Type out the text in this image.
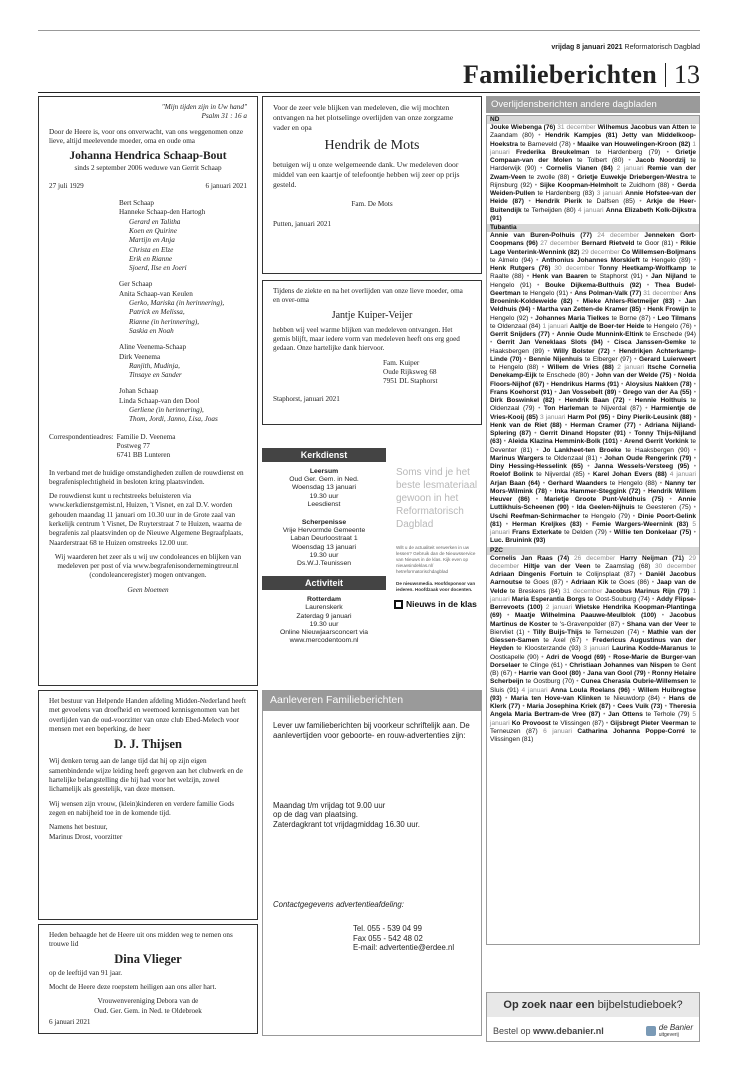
vrijdag 8 januari 2021 Reformatorisch Dagblad
Familieberichten 13
"Mijn tijden zijn in Uw hand"
Psalm 31 : 16 a

Door de Heere is, voor ons onverwacht, van ons weggenomen onze lieve, altijd meelevende moeder, oma en oude oma

Johanna Hendrica Schaap-Bout
sinds 2 september 2006 weduwe van Gerrit Schaap
27 juli 1929	6 januari 2021
Bert Schaap
Hanneke Schaap-den Hartogh
Gerard en Talitha
Koen en Quirine
Martijn en Anja
Christa en Elze
Erik en Rianne
Sjoerd, Ilse en Joeri
Ger Schaap
Anita Schaap-van Keulen
Gerko, Mariska (in herinnering),
Patrick en Melissa,
Rianne (in herinnering),
Saskia en Noah
Aline Veenema-Schaap
Dirk Veenema
Ranjith, Mudinja,
Tinsaye en Sander
Johan Schaap
Linda Schaap-van den Dool
Gerliene (in herinnering),
Thom, Jordi, Janno, Lisa, Joas
Correspondentieadres: Familie D. Veenema
Postweg 77
6741 BB Lunteren

In verband met de huidige omstandigheden zullen de rouwdienst en begrafenisplechtigheid in besloten kring plaatsvinden.

De rouwdienst kunt u rechtstreeks beluisteren via www.kerkdienstgemist.nl, Huizen, 't Visnet, en zal D.V. worden gehouden maandag 11 januari om 10.30 uur in de Grote zaal van kerkelijk centrum 't Visnet, De Ruyterstraat 7 te Huizen, waarna de begrafenis zal plaatsvinden op de Nieuwe Algemene Begraafplaats, Naarderstraat 68 te Huizen omstreeks 12.00 uur.

Wij waarderen het zeer als u wij uw condoleances en blijken van medeleven per post of via www.begrafenisondernemingtreur.nl (condoleanceregister) mogen ontvangen.

Geen bloemen

Het bestuur van Helpende Handen afdeling Midden-Nederland heeft met gevoelens van droefheid en weemoed kennisgenomen van het overlijden van de oud-voorzitter van onze club Ebed-Melech voor mensen met een beperking, de heer

D. J. Thijsen

Wij denken terug aan de lange tijd dat hij op zijn eigen samenbindende wijze leiding heeft gegeven aan het clubwerk en de hartelijke belangstelling die hij had voor het welzijn, zowel lichamelijk als geestelijk, van deze mensen.

Wij wensen zijn vrouw, (klein)kinderen en verdere familie Gods zegen en nabijheid toe in de komende tijd.

Namens het bestuur,
Marinus Drost, voorzitter

Heden behaagde het de Heere uit ons midden weg te nemen ons trouwe lid

Dina Vlieger

op de leeftijd van 91 jaar.

Mocht de Heere deze roepstem heiligen aan ons aller hart.

Vrouwenvereniging Debora van de
Oud. Ger. Gem. in Ned. te Oldebroek
6 januari 2021

Voor de zeer vele blijken van medeleven, die wij mochten ontvangen na het plotselinge overlijden van onze zorgzame vader en opa

Hendrik de Mots

betuigen wij u onze welgemeende dank. Uw medeleven door middel van een kaartje of telefoontje hebben wij zeer op prijs gesteld.

Fam. De Mots
Putten, januari 2021

Tijdens de ziekte en na het overlijden van onze lieve moeder, oma en over-oma

Jantje Kuiper-Veijer

hebben wij veel warme blijken van medeleven ontvangen. Het gemis blijft, maar iedere vorm van medeleven heeft ons erg goed gedaan. Onze hartelijke dank hiervoor.

Fam. Kuiper
Oude Rijksweg 68
7951 DL Staphorst
Staphorst, januari 2021
Kerkdienst
Leersum
Oud Ger. Gem. in Ned.
Woensdag 13 januari
19.30 uur
Leesdienst
Scherpenisse
Vrije Hervormde Gemeente
Laban Deurloostraat 1
Woensdag 13 januari
19.30 uur
Ds.W.J.Teunissen
Activiteit
Rotterdam
Laurenskerk
Zaterdag 9 januari
19.30 uur
Online Nieuwjaarsconcert via
www.mercodentoom.nl
Soms vind je het beste lesmateriaal gewoon in het Reformatorisch Dagblad
Wilt u de actualiteit verwerken in uw lessen? Gebruik dan de Nieuwsservice van Nieuws in de klas. Kijk even op nieuwsindeklas.nl/ hetreformatorischdagblad
De nieuwsmedia. Hoofdsponsor van iederen. Hoofdzaak voor docenten.
Nieuws in de klas
Aanleveren Familieberichten

Lever uw familieberichten bij voorkeur schriftelijk aan. De aanlevertijden voor geboorte- en rouw-advertenties zijn:

Maandag t/m vrijdag tot 9.00 uur
op de dag van plaatsing.
Zaterdagkrant tot vrijdagmiddag 16.30 uur.
Contactgegevens advertentieafdeling:
Tel. 055 - 539 04 99
Fax 055 - 542 48 02
E-mail: advertentie@erdee.nl
Overlijdensberichten andere dagbladen
ND
Jouke Wiebenga (76) 31 december Wilhemus Jacobus van Atten te Zaandam (80) • Hendrik Kampjes (81) Jetty van Middelkoop-Hoekstra te Barneveld (78) • Maaike van Houwelingen-Kroon (82) 1 januari Frederika Breukelman te Hardenberg (79) • Grietje Compaan-van der Molen te Tolbert (80) • Jacob Noordzij te Harderwijk (90) • Cornelis Vianen (84) 2 januari Remie van der Zwam-Veen te zwolle (88) • Grietje Euwekje Driebergen-Westra te Rijnsburg (92) • Sijke Koopman-Helmholt te Zuidhorn (88) • Gerda Weiden-Pullen te Hardenberg (83) 3 januari Annie Hofstee-van der Heide (87) • Hendrik Pierik te Dalfsen (85) • Arkje de Heer-Buitendijk te Terheijden (80) 4 januari Anna Elizabeth Kolk-Dijkstra (91)
Tubantia
Annie van Buren-Polhuis (77) 24 december Jenneken Gort-Coopmans (96) 27 december Bernard Rietveld te Goor (81) • Rikie Lage Venterink-Wennink (82) 29 december Co Willemsen-Boljmans te Almelo (94) • Anthonius Johannes Morskieft te Hengelo (89) • Henk Rutgers (76) 30 december Tonny Heetkamp-Wolfkamp te Raalte (88) • Henk van Baaren te Staphorst (91) • Jan Nijland te Hengelo (91) • Bouke Dijkema-Bulthuis (92) • Thea Budel-Geertman te Hengelo (91) • Ans Polman-Valk (77) 31 december Ans Broenink-Koldeweide (82) • Mieke Ahlers-Rietmeijer (83) • Jan Veldhuis (94) • Martha van Zetten-de Kramer (85) • Henk Frowijn te Hengelo (92) • Johannes Maria Tielkes te Borne (87) • Leo Tilmans te Oldenzaal (84) 1 januari Aaltje de Boer-ter Heide te Hengelo (76) • Gerrit Snijders (77) • Annie Oude Munnink-Eltink te Enschede (94) • Gerrit Jan Veneklaas Slots (94) • Cisca Janssen-Gemke te Haaksbergen (89) • Willy Bolster (72) • Hendrikjen Achterkamp-Linde (70) • Bennie Nijenhuis te Elberger (97) • Gerard Luierweert te Hengelo (88) • Willem de Vries (88) 2 januari Itsche Cornelia Denekamp-Eijk te Enschede (80) • John van der Welde (75) • Nolda Floors-Nijhof (67) • Hendrikus Harms (91) • Aloysius Nakken (78) • Frans Koehorst (91) • Jan Vossebelt (89) • Grego van der Aa (55) • Dirk Boswinkel (82) • Hendrik Baan (72) • Hennie Holthuis te Oldenzaal (79) • Ton Harleman te Nijverdal (87) • Harmientje de Vries-Kooij (85) 3 januari Harm Pol (95) • Diny Pierik-Leusink (88) • Henk van de Riet (88) • Herman Cramer (77) • Adriana Nijland-Splering (87) • Gerrit Dinand Hopster (91) • Tonny Thijs-Nijland (63) • Aleida Klazina Hemmink-Bolk (101) • Arend Gerrit Vorkink te Deventer (81) • Jo Lankheet-ten Broeke te Haaksbergen (90) • Marinus Wargers te Oldenzaal (81) • Johan Oude Rengerink (79) • Diny Hessing-Hesselink (65) • Janna Wessels-Versteeg (95) • Roelof Bolink te Nijverdal (85) • Karel Johan Evers (88) 4 januari Arjan Baan (64) • Gerhard Waanders te Hengelo (88) • Nanny ter Mors-Wilmink (78) • Inka Hammer-Steggink (72) • Hendrik Willem Heuver (86) • Marietje Groote Punt-Veldhuis (75) • Annie Luttikhuis-Scheenen (90) • Ida Geelen-Nijhuis te Geesteren (75) • Uschi Reefman-Schirmacher te Hengelo (79) • Dinie Poort-Gelink (81) • Herman Kreljkes (83) • Femie Wargers-Weernink (83) 5 januari Frans Exterkate te Delden (79) • Willie ten Donkelaar (75) • Luc. Bruinink (93)
PZC
Cornelis Jan Raas (74) 26 december Harry Neijman (71) 29 december Hiltje van der Veen te Zaamslag (68) 30 december Adriaan Dingenis Fortuin te Colijnsplaat (87) • Daniël Jacobus Aarnoutse te Goes (87) • Adriaan Kik te Goes (86) • Jaap van de Velde te Breskens (84) 31 december Jacobus Marinus Rijn (79) 1 januari Maria Esperantia Borgs te Oost-Souburg (74) • Addy Flipse-Berrevoets (100) 2 januari Wietske Hendrika Koopman-Plantinga (69) • Maatje Wilhelmina Paauwe-Meulblok (100) • Jacobus Martinus de Koster te 's-Gravenpolder (87) • Shana van der Veer te Biervliet (1) • Tilly Buijs-Thijs te Terneuzen (74) • Mathie van der Giessen-Samen te Axel (67) • Fredericus Augustinus van der Heyden te Kloosterzande (93) 3 januari Laurina Kodde-Maranus te Oostkapelle (90) • Adri de Voogd (69) • Rose-Marie de Burger-van Dorselaer te Clinge (61) • Christiaan Johannes van Nispen te Gent (B) (67) • Harrie van Gool (80) • Jana van Gool (79) • Ronny Helaire Scherbeijn te Oostburg (70) • Cunea Cherasia Oubrie-Willemsen te Sluis (91) 4 januari Anna Loula Roelans (96) • Willem Huibregtse (93) • Maria ten Hove-van Klinken te Nieuwdorp (84) • Hans de Klerk (77) • Maria Josephina Kriek (87) • Cees Vuik (73) • Theresia Angela Maria Bertram-de Vree (87) • Jan Ottens te Terhole (79) 5 januari Ko Provoost te Vlissingen (87) • Gijsbregt Pieter Veerman te Terneuzen (87) 6 januari Catharina Johanna Poppe-Corré te Vlissingen (81)
Op zoek naar een
bijbelstudieboek?
Bestel op www.debanier.nl	de Banier
uitgeverij
